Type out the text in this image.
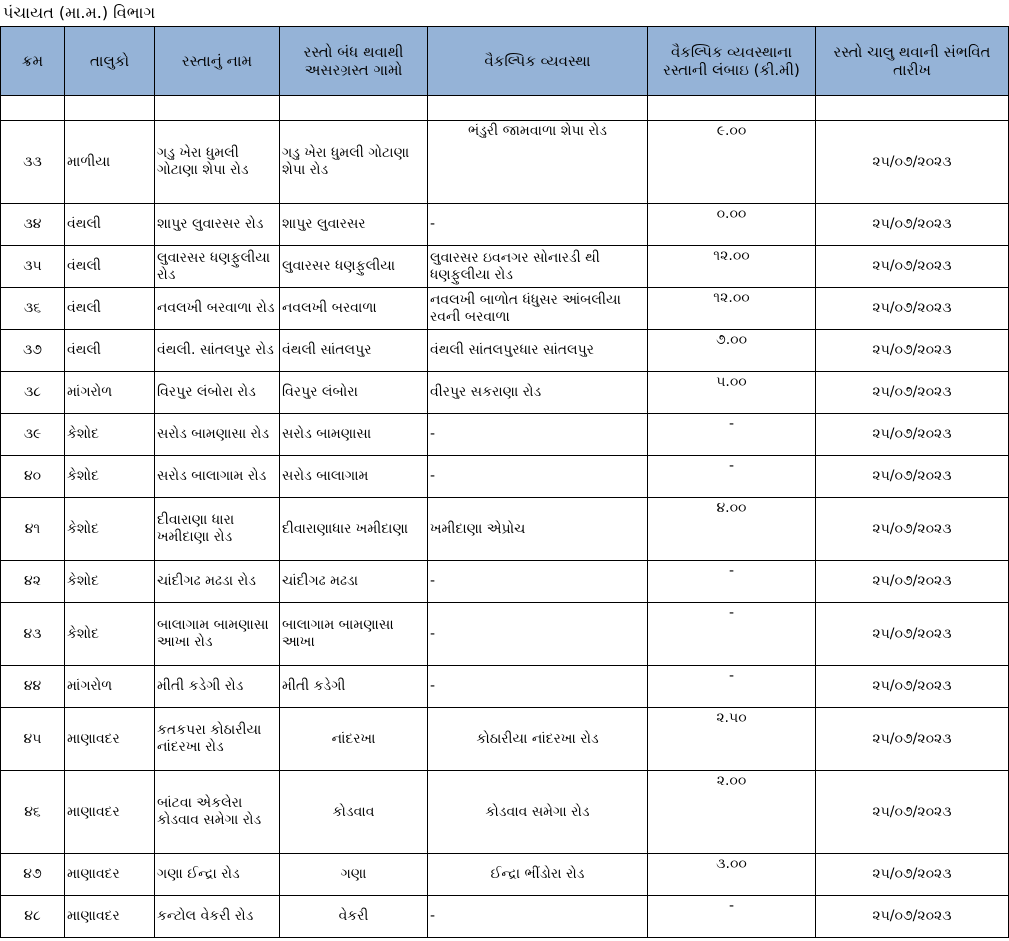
પંચાયત (મા.મ.) વિભાગ
ક્રમ	તાલુકો	રસ્તાનું નામ	રસ્તો બંધ થવાથી અસરગ્રસ્ત ગામો	વૈકલ્પિક વ્યવસ્થા	વૈકલ્પિક વ્યવસ્થાના રસ્તાની લંબાઇ (કી.મી)	રસ્તો ચાલુ થવાની સંભવિત તારીખ

૩૩	માળીયા	ગડુ ખેરા ધુમલી ગોટાણા શેપા રોડ	ગડુ ખેરા ધુમલી ગોટાણા શેપા રોડ	ભંડુરી જામવાળા શેપા રોડ	૯.૦૦	૨૫/૦૭/૨૦૨૩
૩૪	વંથલી	શાપુર લુવારસર રોડ	શાપુર લુવારસર	-	૦.૦૦	૨૫/૦૭/૨૦૨૩
૩૫	વંથલી	લુવારસર ધણફુલીયા રોડ	લુવારસર ધણફુલીયા	લુવારસર ઇવનગર સોનારડી થી ધણફુલીયા રોડ	૧૨.૦૦	૨૫/૦૭/૨૦૨૩
૩૬	વંથલી	નવલખી બરવાળા રોડ	નવલખી બરવાળા	નવલખી બાળોત ધંધુસર આંબલીયા રવની બરવાળા	૧૨.૦૦	૨૫/૦૭/૨૦૨૩
૩૭	વંથલી	વંથલી. સાંતલપુર રોડ	વંથલી સાંતલપુર	વંથલી સાંતલપુરધાર સાંતલપુર	૭.૦૦	૨૫/૦૭/૨૦૨૩
૩૮	માંગરોળ	વિરપુર લંબોરા રોડ	વિરપુર લંબોરા	વીરપુર સકરાણા રોડ	૫.૦૦	૨૫/૦૭/૨૦૨૩
૩૯	કેશોદ	સરોડ બામણાસા રોડ	સરોડ બામણાસા	-	-	૨૫/૦૭/૨૦૨૩
૪૦	કેશોદ	સરોડ બાલાગામ રોડ	સરોડ બાલાગામ	-	-	૨૫/૦૭/૨૦૨૩
૪૧	કેશોદ	દીવારાણા ધારા ખમીદાણા રોડ	દીવારાણાધાર ખમીદાણા	ખમીદાણા એપ્રોચ	૪.૦૦	૨૫/૦૭/૨૦૨૩
૪૨	કેશોદ	ચાંદીગઢ મઢડા રોડ	ચાંદીગઢ મઢડા	-	-	૨૫/૦૭/૨૦૨૩
૪૩	કેશોદ	બાલાગામ બામણાસા આખા રોડ	બાલાગામ બામણાસા આખા	-	-	૨૫/૦૭/૨૦૨૩
૪૪	માંગરોળ	મીતી કડેગી રોડ	મીતી કડેગી	-	-	૨૫/૦૭/૨૦૨૩
૪૫	માણાવદર	કતકપરા કોઠારીયા નાંદરખા રોડ	નાંદરખા	કોઠારીયા નાંદરખા રોડ	૨.૫૦	૨૫/૦૭/૨૦૨૩
૪૬	માણાવદર	બાંટવા એકલેરા કોડવાવ સમેગા રોડ	કોડવાવ	કોડવાવ સમેગા રોડ	૨.૦૦	૨૫/૦૭/૨૦૨૩
૪૭	માણાવદર	ગણા ઈન્દ્રા રોડ	ગણા	ઈન્દ્રા ભીંડોરા રોડ	૩.૦૦	૨૫/૦૭/૨૦૨૩
૪૮	માણાવદર	કન્ટોલ વેકરી રોડ	વેકરી	-	-	૨૫/૦૭/૨૦૨૩
